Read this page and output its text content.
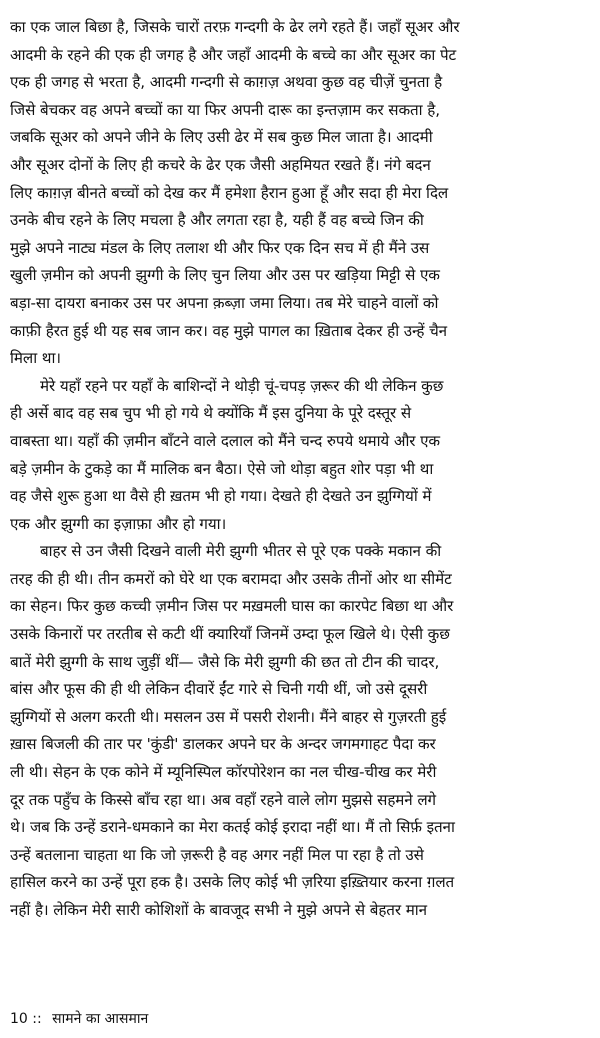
का एक जाल बिछा है, जिसके चारों तरफ़ गन्दगी के ढेर लगे रहते हैं। जहाँ सूअर और
आदमी के रहने की एक ही जगह है और जहाँ आदमी के बच्चे का और सूअर का पेट
एक ही जगह से भरता है, आदमी गन्दगी से काग़ज़ अथवा कुछ वह चीज़ें चुनता है
जिसे बेचकर वह अपने बच्चों का या फिर अपनी दारू का इन्तज़ाम कर सकता है,
जबकि सूअर को अपने जीने के लिए उसी ढेर में सब कुछ मिल जाता है। आदमी
और सूअर दोनों के लिए ही कचरे के ढेर एक जैसी अहमियत रखते हैं। नंगे बदन
लिए काग़ज़ बीनते बच्चों को देख कर मैं हमेशा हैरान हुआ हूँ और सदा ही मेरा दिल
उनके बीच रहने के लिए मचला है और लगता रहा है, यही हैं वह बच्चे जिन की
मुझे अपने नाट्य मंडल के लिए तलाश थी और फिर एक दिन सच में ही मैंने उस
खुली ज़मीन को अपनी झुग्गी के लिए चुन लिया और उस पर खड़िया मिट्टी से एक
बड़ा-सा दायरा बनाकर उस पर अपना क़ब्ज़ा जमा लिया। तब मेरे चाहने वालों को
काफ़ी हैरत हुई थी यह सब जान कर। वह मुझे पागल का ख़िताब देकर ही उन्हें चैन
मिला था।
मेरे यहाँ रहने पर यहाँ के बाशिन्दों ने थोड़ी चूं-चपड़ ज़रूर की थी लेकिन कुछ
ही अर्से बाद वह सब चुप भी हो गये थे क्योंकि मैं इस दुनिया के पूरे दस्तूर से
वाबस्ता था। यहाँ की ज़मीन बाँटने वाले दलाल को मैंने चन्द रुपये थमाये और एक
बड़े ज़मीन के टुकड़े का मैं मालिक बन बैठा। ऐसे जो थोड़ा बहुत शोर पड़ा भी था
वह जैसे शुरू हुआ था वैसे ही ख़तम भी हो गया। देखते ही देखते उन झुग्गियों में
एक और झुग्गी का इज़ाफ़ा और हो गया।
बाहर से उन जैसी दिखने वाली मेरी झुग्गी भीतर से पूरे एक पक्के मकान की
तरह की ही थी। तीन कमरों को घेरे था एक बरामदा और उसके तीनों ओर था सीमेंट
का सेहन। फिर कुछ कच्ची ज़मीन जिस पर मख़मली घास का कारपेट बिछा था और
उसके किनारों पर तरतीब से कटी थीं क्यारियाँ जिनमें उम्दा फूल खिले थे। ऐसी कुछ
बातें मेरी झुग्गी के साथ जुड़ीं थीं— जैसे कि मेरी झुग्गी की छत तो टीन की चादर,
बांस और फूस की ही थी लेकिन दीवारें ईंट गारे से चिनी गयी थीं, जो उसे दूसरी
झुग्गियों से अलग करती थी। मसलन उस में पसरी रोशनी। मैंने बाहर से गुज़रती हुई
ख़ास बिजली की तार पर 'कुंडी' डालकर अपने घर के अन्दर जगमगाहट पैदा कर
ली थी। सेहन के एक कोने में म्यूनिस्पिल कॉरपोरेशन का नल चीख-चीख कर मेरी
दूर तक पहुँच के किस्से बाँच रहा था। अब वहाँ रहने वाले लोग मुझसे सहमने लगे
थे। जब कि उन्हें डराने-धमकाने का मेरा कतई कोई इरादा नहीं था। मैं तो सिर्फ़ इतना
उन्हें बतलाना चाहता था कि जो ज़रूरी है वह अगर नहीं मिल पा रहा है तो उसे
हासिल करने का उन्हें पूरा हक है। उसके लिए कोई भी ज़रिया इख़्तियार करना ग़लत
नहीं है। लेकिन मेरी सारी कोशिशों के बावजूद सभी ने मुझे अपने से बेहतर मान
10 :: सामने का आसमान
